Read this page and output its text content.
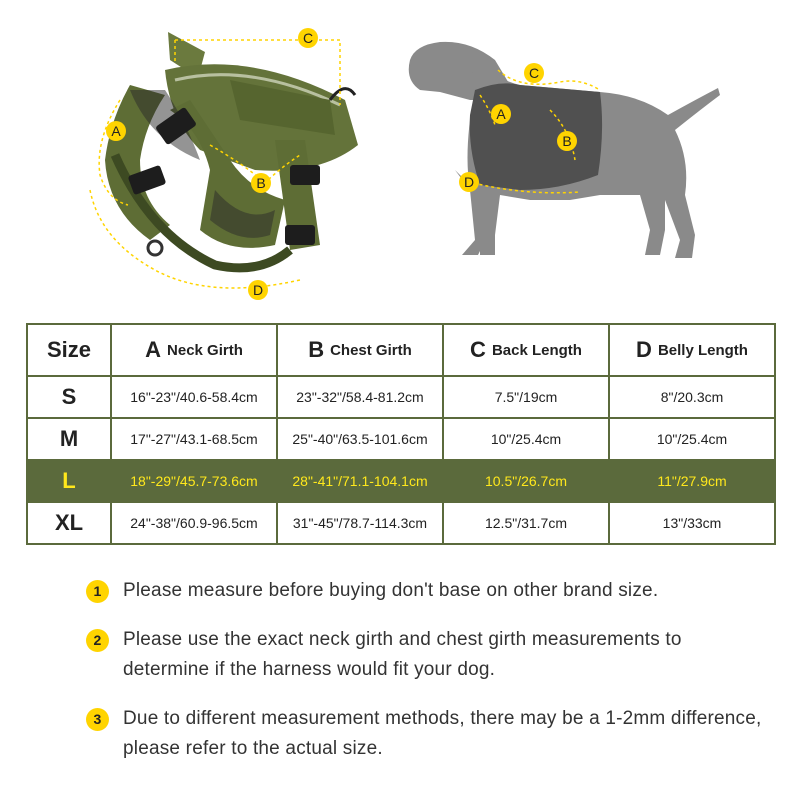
C
A
B
D
C
A
B
D
Size	A Neck Girth	B Chest Girth	C Back Length	D Belly Length
S	16"-23"/40.6-58.4cm	23"-32"/58.4-81.2cm	7.5"/19cm	8"/20.3cm
M	17"-27"/43.1-68.5cm	25"-40"/63.5-101.6cm	10"/25.4cm	10"/25.4cm
L	18"-29"/45.7-73.6cm	28"-41"/71.1-104.1cm	10.5"/26.7cm	11"/27.9cm
XL	24"-38"/60.9-96.5cm	31"-45"/78.7-114.3cm	12.5"/31.7cm	13"/33cm
1	Please measure before buying don't base on other brand size.
2	Please use the exact neck girth and chest girth measurements to determine if the harness would fit your dog.
3	Due to different measurement methods, there may be a 1-2mm difference, please refer to the actual size.
